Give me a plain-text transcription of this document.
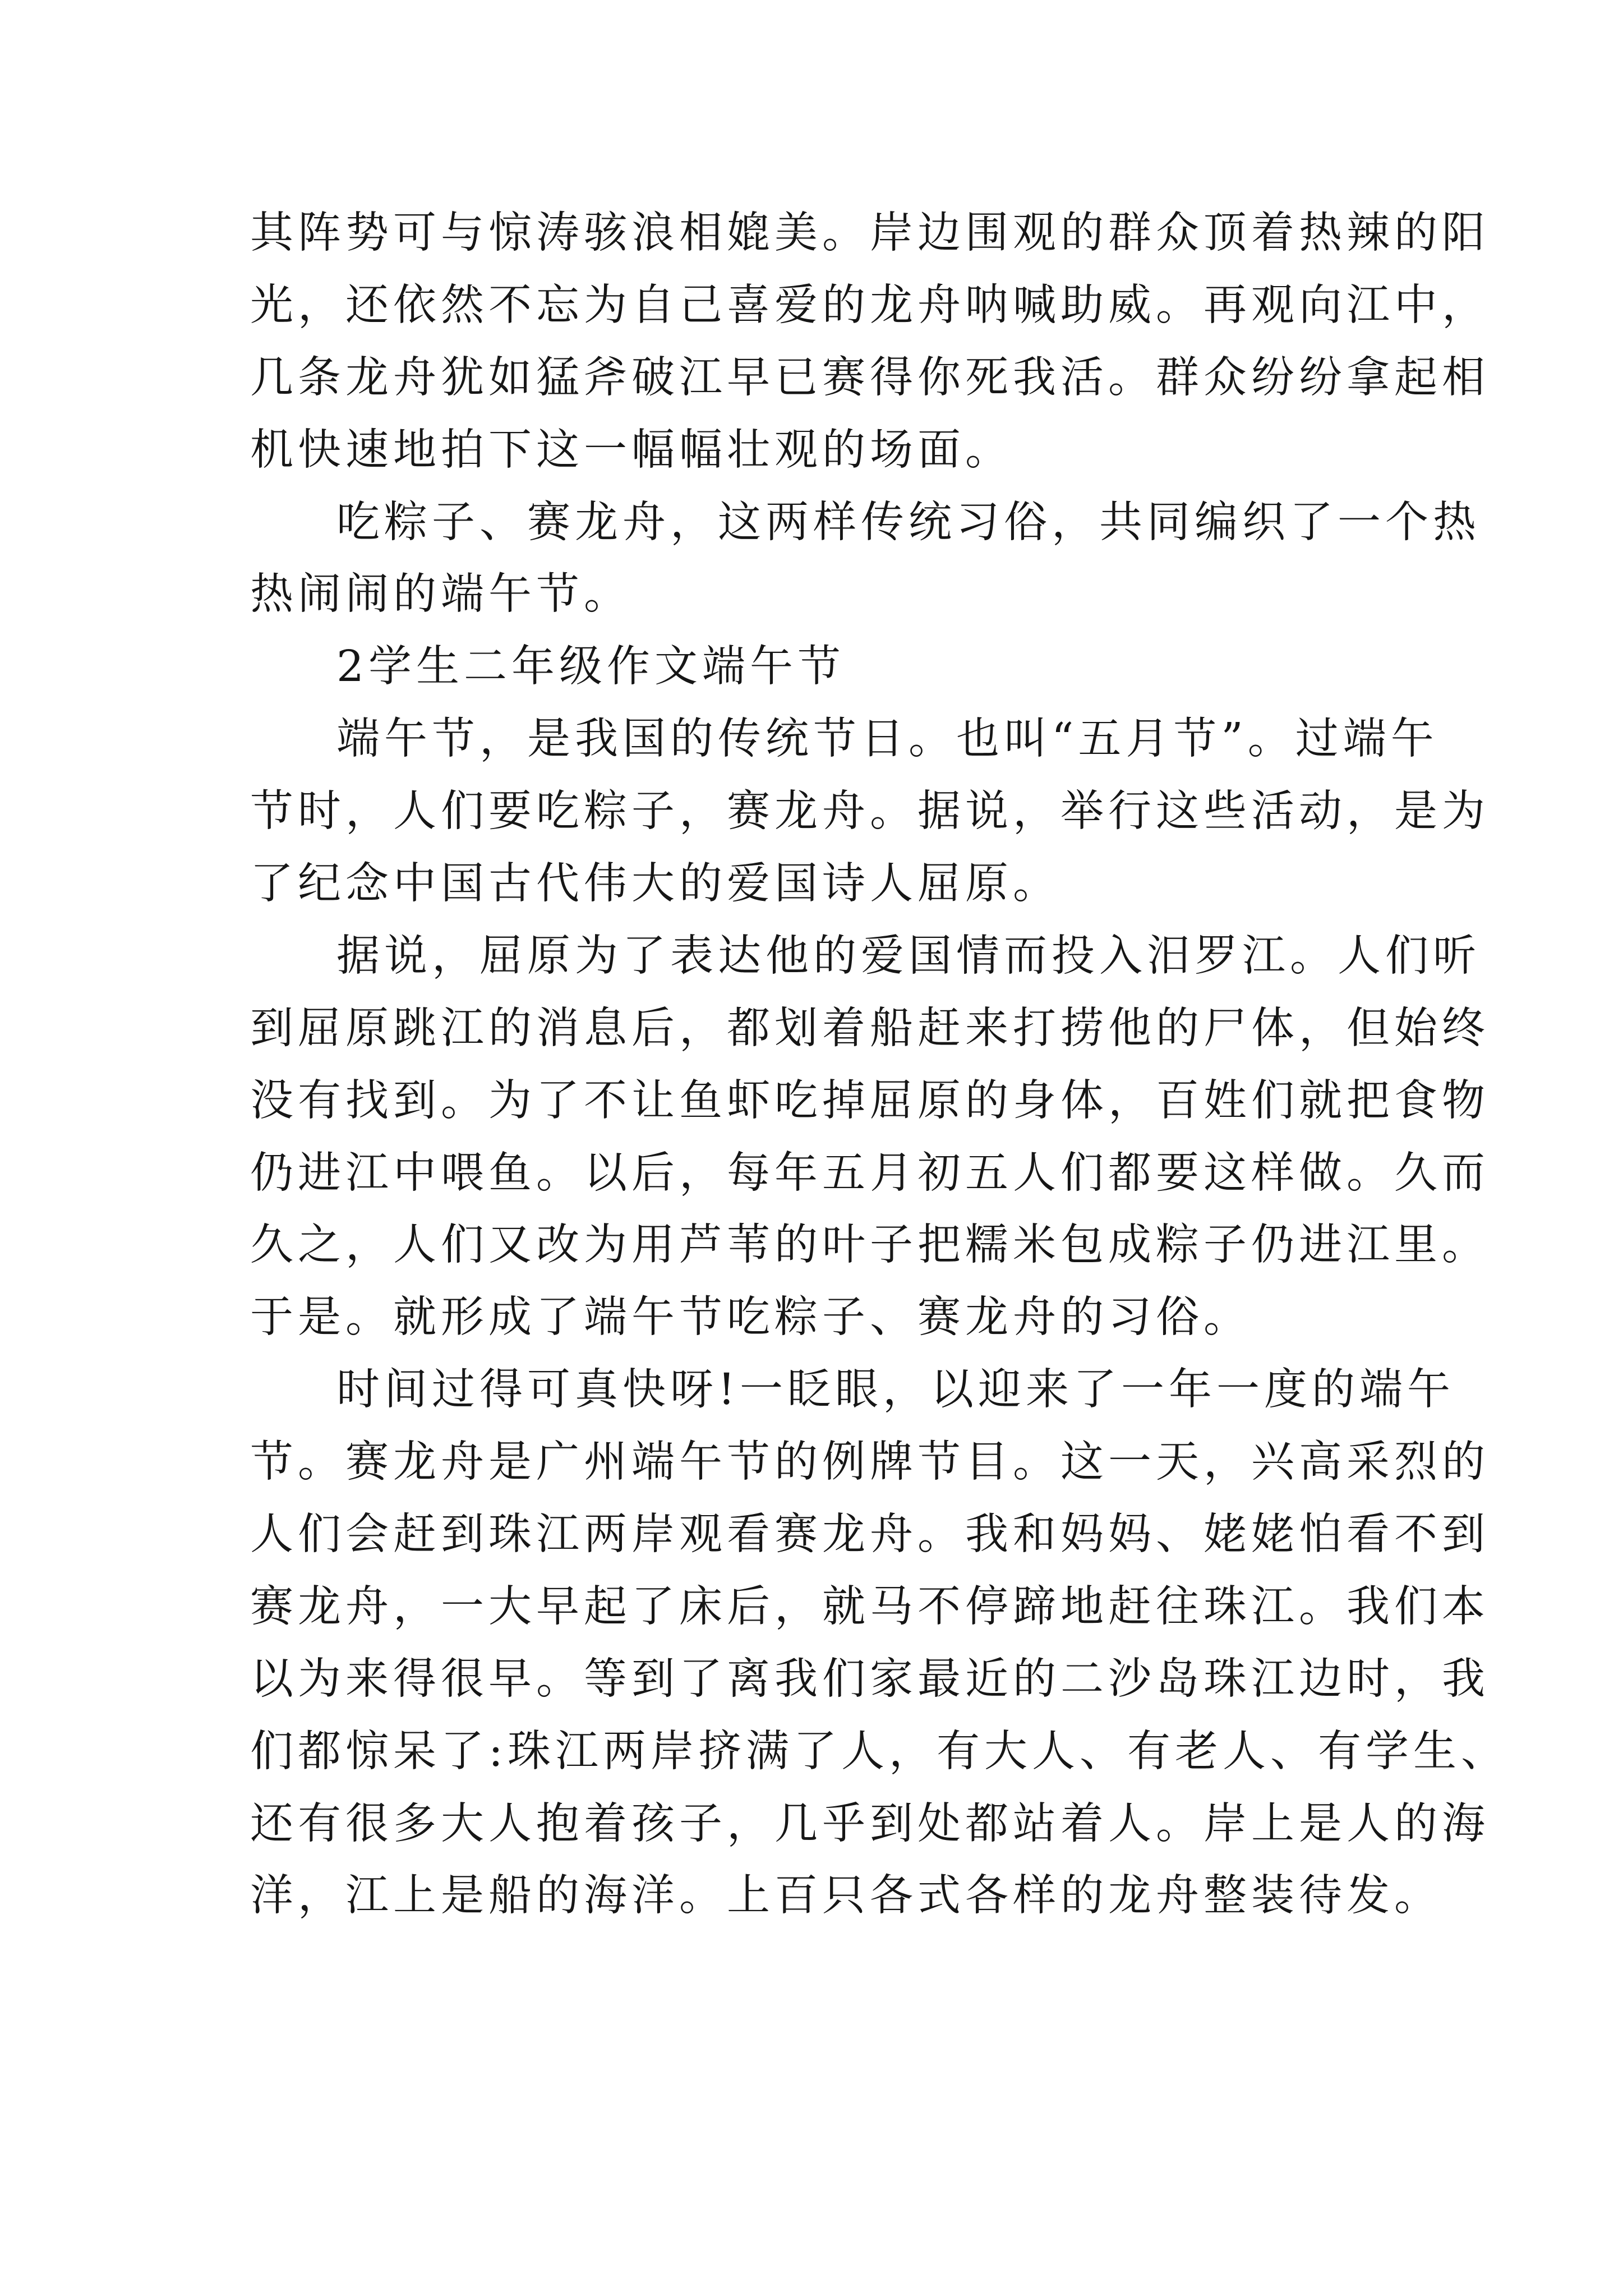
其阵势可与惊涛骇浪相媲美。岸边围观的群众顶着热辣的阳
光，还依然不忘为自己喜爱的龙舟呐喊助威。再观向江中，
几条龙舟犹如猛斧破江早已赛得你死我活。群众纷纷拿起相
机快速地拍下这一幅幅壮观的场面。
吃粽子、赛龙舟，这两样传统习俗，共同编织了一个热
热闹闹的端午节。
2学生二年级作文端午节
端午节，是我国的传统节日。也叫“五月节”。过端午
节时，人们要吃粽子，赛龙舟。据说，举行这些活动，是为
了纪念中国古代伟大的爱国诗人屈原。
据说，屈原为了表达他的爱国情而投入汨罗江。人们听
到屈原跳江的消息后，都划着船赶来打捞他的尸体，但始终
没有找到。为了不让鱼虾吃掉屈原的身体，百姓们就把食物
仍进江中喂鱼。以后，每年五月初五人们都要这样做。久而
久之，人们又改为用芦苇的叶子把糯米包成粽子仍进江里。
于是。就形成了端午节吃粽子、赛龙舟的习俗。
时间过得可真快呀!一眨眼，以迎来了一年一度的端午
节。赛龙舟是广州端午节的例牌节目。这一天，兴高采烈的
人们会赶到珠江两岸观看赛龙舟。我和妈妈、姥姥怕看不到
赛龙舟，一大早起了床后，就马不停蹄地赶往珠江。我们本
以为来得很早。等到了离我们家最近的二沙岛珠江边时，我
们都惊呆了:珠江两岸挤满了人，有大人、有老人、有学生、
还有很多大人抱着孩子，几乎到处都站着人。岸上是人的海
洋，江上是船的海洋。上百只各式各样的龙舟整装待发。
